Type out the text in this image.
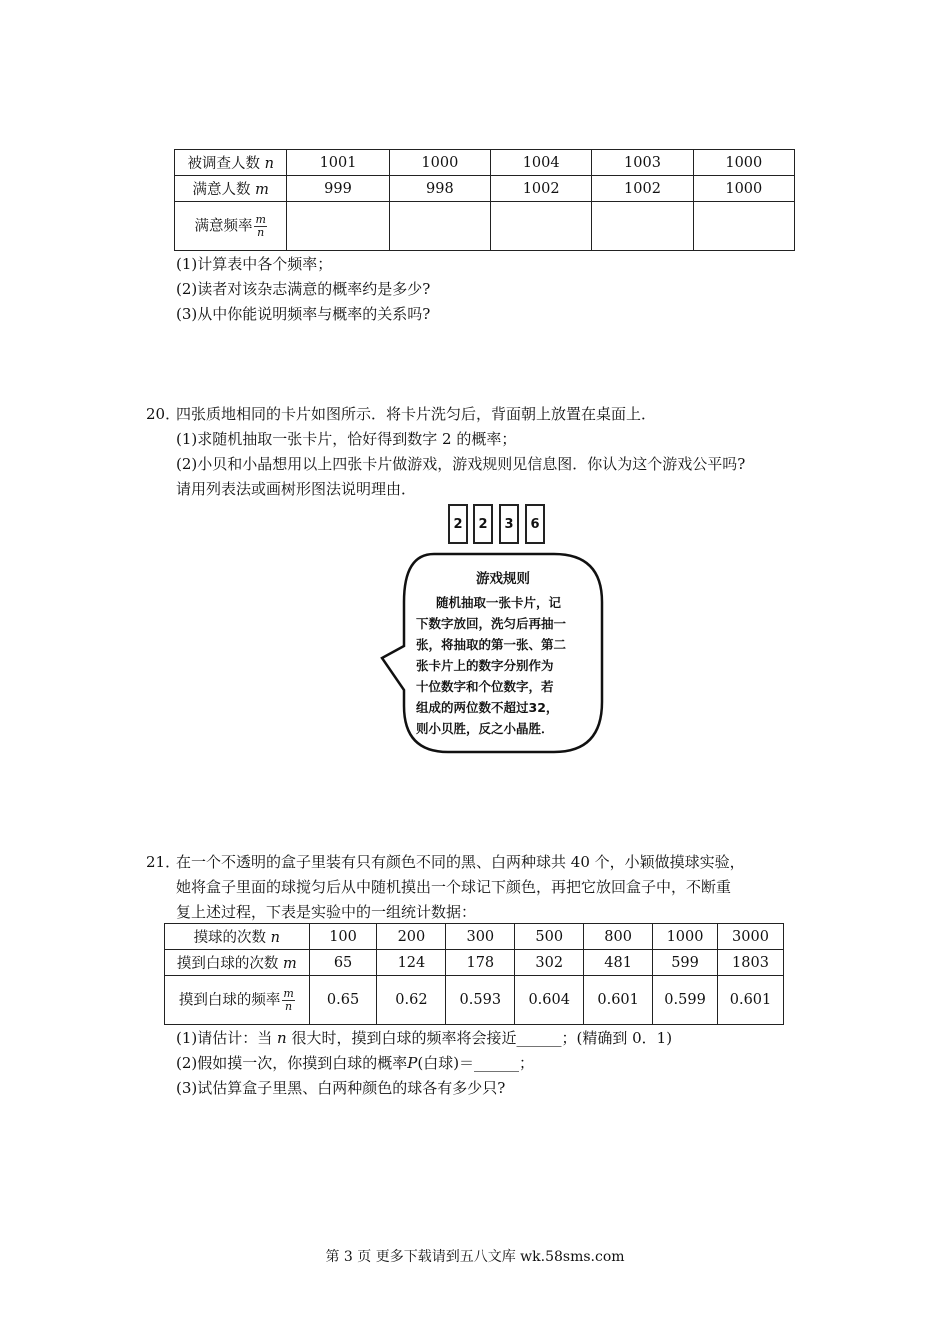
被调查人数 n	1001	1000	1004	1003	1000
满意人数 m	999	998	1002	1002	1000
满意频率 $\frac{m}{n}$

(1)计算表中各个频率；
(2)读者对该杂志满意的概率约是多少?
(3)从中你能说明频率与概率的关系吗?
20．
四张质地相同的卡片如图所示．将卡片洗匀后，背面朝上放置在桌面上．
(1)求随机抽取一张卡片，恰好得到数字 2 的概率；
(2)小贝和小晶想用以上四张卡片做游戏，游戏规则见信息图．你认为这个游戏公平吗?
请用列表法或画树形图法说明理由．
2	2	3	6
游戏规则
随机抽取一张卡片，记
下数字放回，洗匀后再抽一
张，将抽取的第一张、第二
张卡片上的数字分别作为
十位数字和个位数字，若
组成的两位数不超过32，
则小贝胜，反之小晶胜．
21．
在一个不透明的盒子里装有只有颜色不同的黑、白两种球共 40 个，小颖做摸球实验，
她将盒子里面的球搅匀后从中随机摸出一个球记下颜色，再把它放回盒子中，不断重
复上述过程，下表是实验中的一组统计数据：
摸球的次数 n	100	200	300	500	800	1000	3000
摸到白球的次数 m	65	124	178	302	481	599	1803
摸到白球的频率 $\frac{m}{n}$	0.65	0.62	0.593	0.604	0.601	0.599	0.601
(1)请估计：当 n 很大时，摸到白球的频率将会接近______；(精确到 0．1)
(2)假如摸一次，你摸到白球的概率P(白球)＝______；
(3)试估算盒子里黑、白两种颜色的球各有多少只?
第 3 页 更多下载请到五八文库 wk.58sms.com
